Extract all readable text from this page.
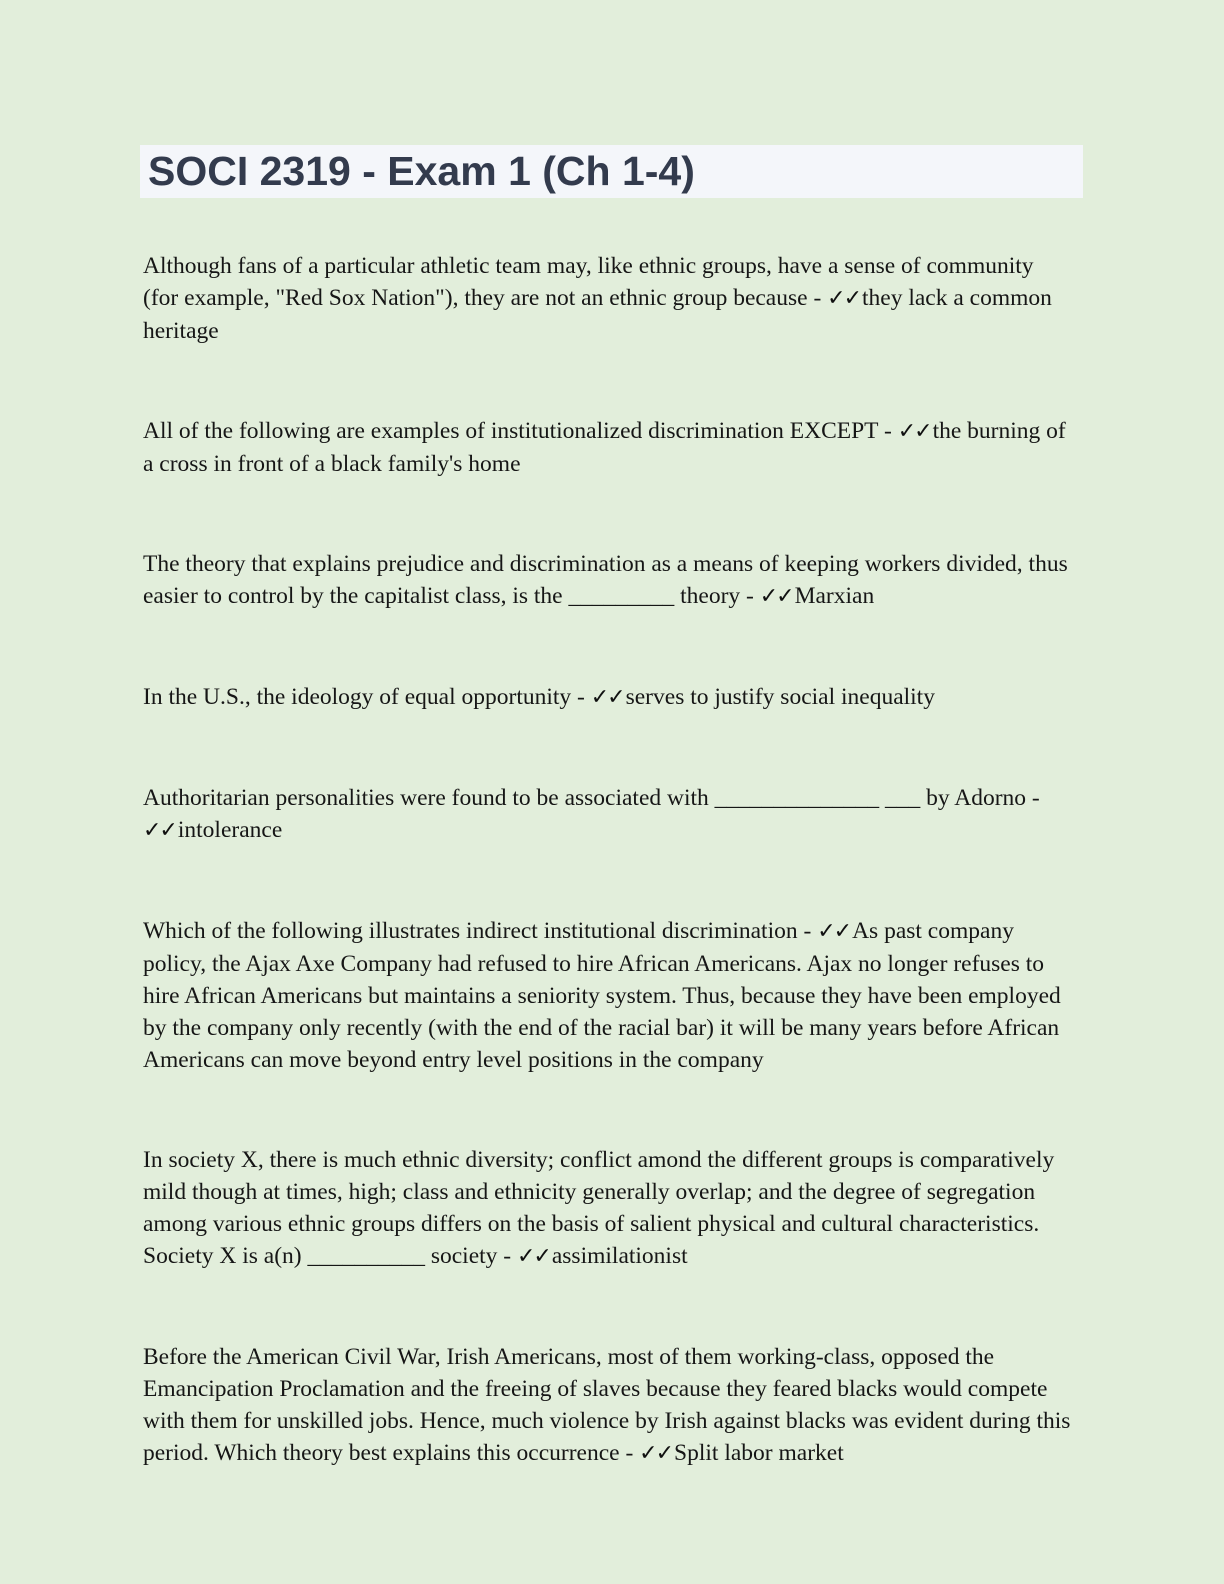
SOCI 2319 - Exam 1 (Ch 1-4)

Although fans of a particular athletic team may, like ethnic groups, have a sense of community (for example, "Red Sox Nation"), they are not an ethnic group because - ✓✓they lack a common heritage

All of the following are examples of institutionalized discrimination EXCEPT - ✓✓the burning of a cross in front of a black family's home

The theory that explains prejudice and discrimination as a means of keeping workers divided, thus easier to control by the capitalist class, is the _________ theory - ✓✓Marxian

In the U.S., the ideology of equal opportunity - ✓✓serves to justify social inequality

Authoritarian personalities were found to be associated with ______________ ___ by Adorno - ✓✓intolerance

Which of the following illustrates indirect institutional discrimination - ✓✓As past company policy, the Ajax Axe Company had refused to hire African Americans. Ajax no longer refuses to hire African Americans but maintains a seniority system. Thus, because they have been employed by the company only recently (with the end of the racial bar) it will be many years before African Americans can move beyond entry level positions in the company

In society X, there is much ethnic diversity; conflict amond the different groups is comparatively mild though at times, high; class and ethnicity generally overlap; and the degree of segregation among various ethnic groups differs on the basis of salient physical and cultural characteristics. Society X is a(n) __________ society - ✓✓assimilationist

Before the American Civil War, Irish Americans, most of them working-class, opposed the Emancipation Proclamation and the freeing of slaves because they feared blacks would compete with them for unskilled jobs. Hence, much violence by Irish against blacks was evident during this period. Which theory best explains this occurrence - ✓✓Split labor market
